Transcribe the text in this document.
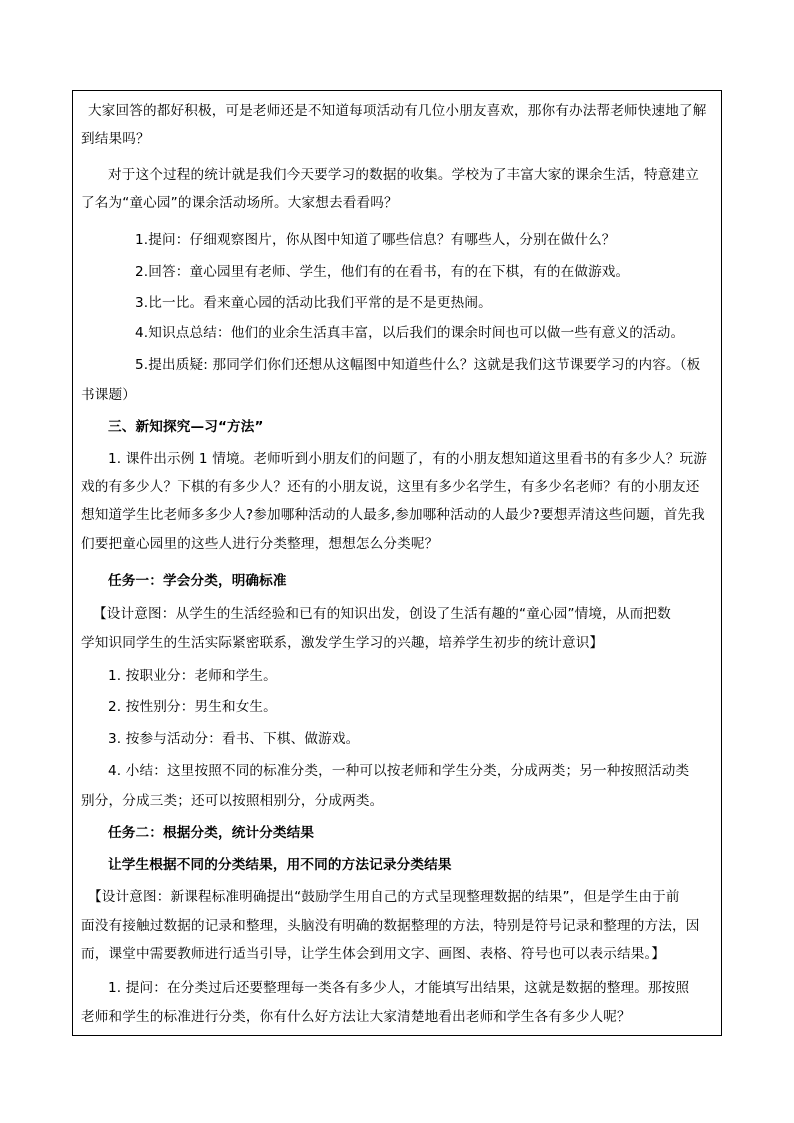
大家回答的都好积极，可是老师还是不知道每项活动有几位小朋友喜欢，那你有办法帮老师快速地了解
到结果吗？
对于这个过程的统计就是我们今天要学习的数据的收集。学校为了丰富大家的课余生活，特意建立
了名为“童心园”的课余活动场所。大家想去看看吗？
1.提问：仔细观察图片，你从图中知道了哪些信息？有哪些人，分别在做什么？
2.回答：童心园里有老师、学生，他们有的在看书，有的在下棋，有的在做游戏。
3.比一比。看来童心园的活动比我们平常的是不是更热闹。
4.知识点总结：他们的业余生活真丰富，以后我们的课余时间也可以做一些有意义的活动。
5.提出质疑: 那同学们你们还想从这幅图中知道些什么？这就是我们这节课要学习的内容。（板
书课题）
三、新知探究—习“方法”
1. 课件出示例 1 情境。老师听到小朋友们的问题了，有的小朋友想知道这里看书的有多少人？玩游
戏的有多少人？下棋的有多少人？还有的小朋友说，这里有多少名学生，有多少名老师？有的小朋友还
想知道学生比老师多多少人?参加哪种活动的人最多,参加哪种活动的人最少?要想弄清这些问题，首先我
们要把童心园里的这些人进行分类整理，想想怎么分类呢？
任务一：学会分类，明确标准
【设计意图：从学生的生活经验和已有的知识出发，创设了生活有趣的“童心园”情境，从而把数
学知识同学生的生活实际紧密联系，激发学生学习的兴趣，培养学生初步的统计意识】
1. 按职业分：老师和学生。
2. 按性别分：男生和女生。
3. 按参与活动分：看书、下棋、做游戏。
4. 小结：这里按照不同的标准分类，一种可以按老师和学生分类，分成两类；另一种按照活动类
别分，分成三类；还可以按照相别分，分成两类。
任务二：根据分类，统计分类结果
让学生根据不同的分类结果，用不同的方法记录分类结果
【设计意图：新课程标准明确提出“鼓励学生用自己的方式呈现整理数据的结果”，但是学生由于前
面没有接触过数据的记录和整理，头脑没有明确的数据整理的方法，特别是符号记录和整理的方法，因
而，课堂中需要教师进行适当引导，让学生体会到用文字、画图、表格、符号也可以表示结果。】
1. 提问：在分类过后还要整理每一类各有多少人，才能填写出结果，这就是数据的整理。那按照
老师和学生的标准进行分类，你有什么好方法让大家清楚地看出老师和学生各有多少人呢？
